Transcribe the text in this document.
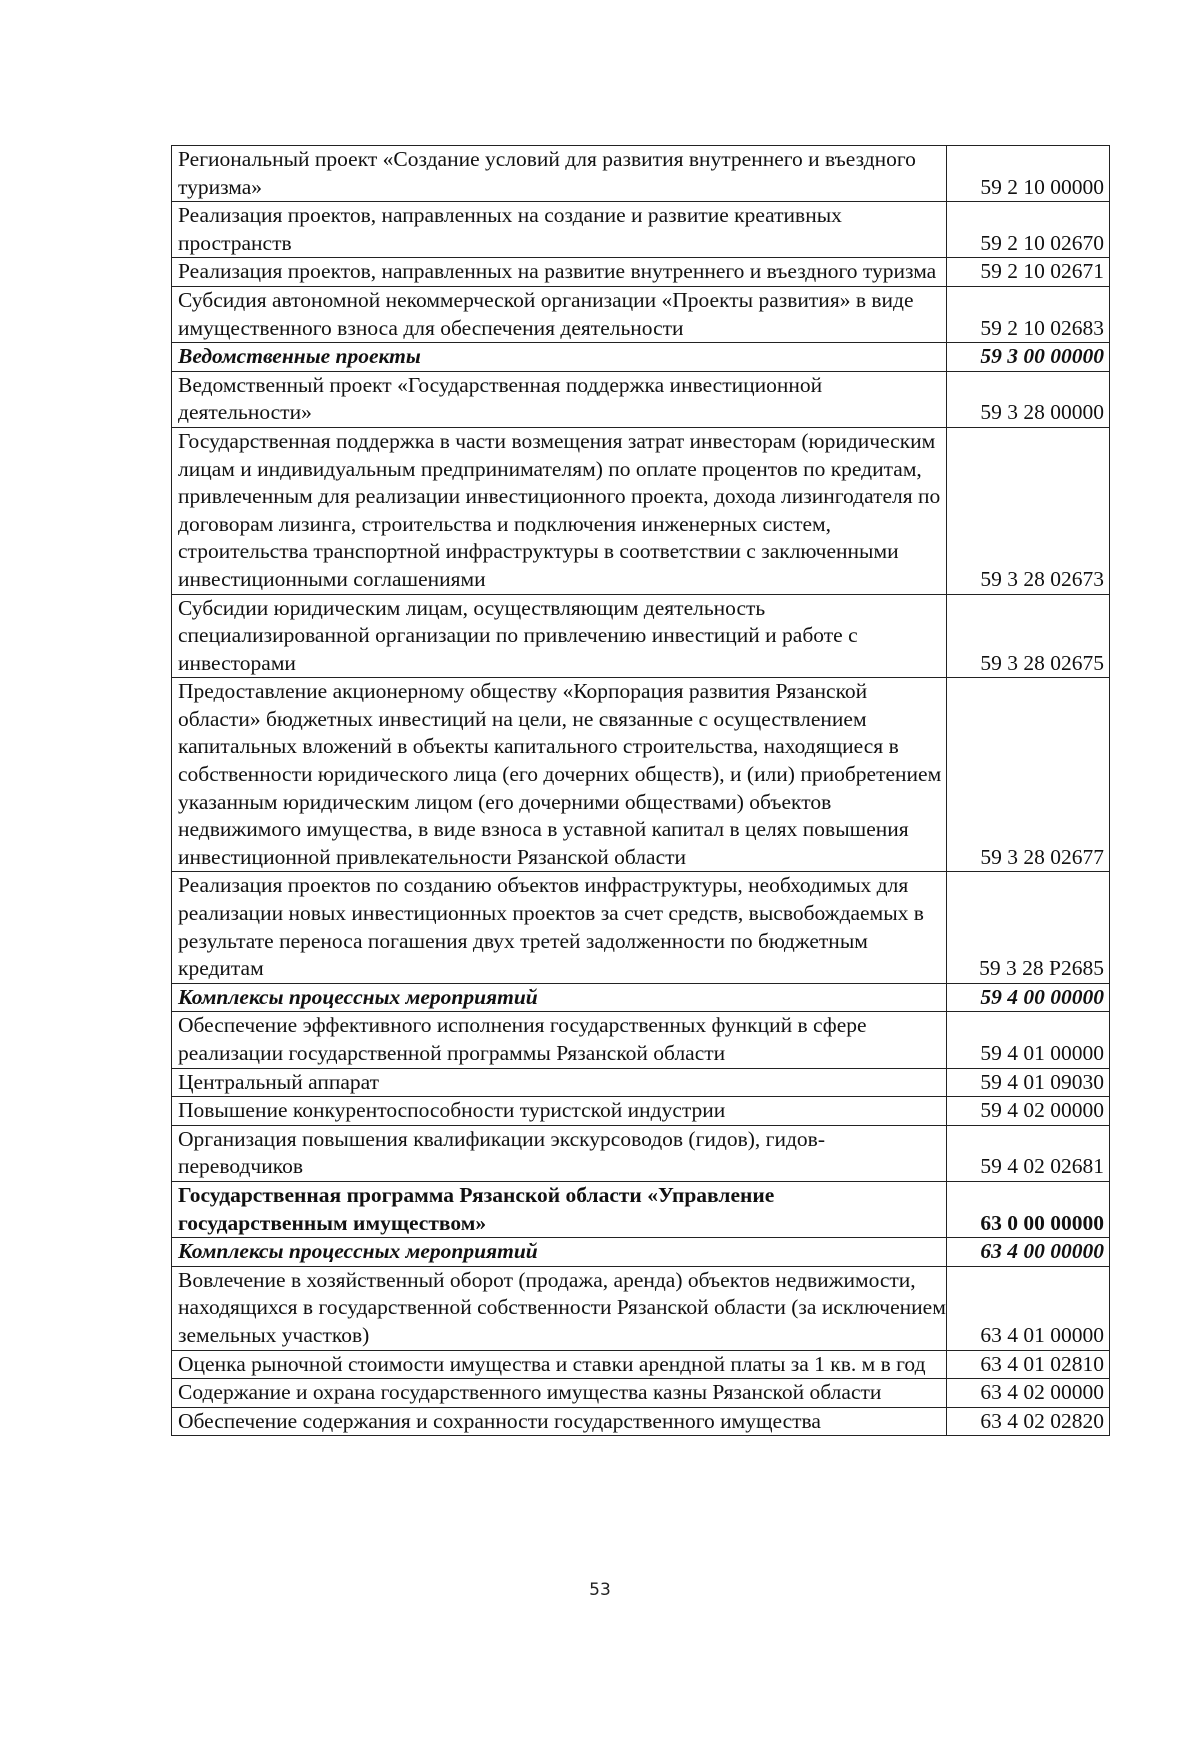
Региональный проект «Создание условий для развития внутреннего и въездного туризма»	59 2 10 00000
Реализация проектов, направленных на создание и развитие креативных пространств	59 2 10 02670
Реализация проектов, направленных на развитие внутреннего и въездного туризма	59 2 10 02671
Субсидия автономной некоммерческой организации «Проекты развития» в виде имущественного взноса для обеспечения деятельности	59 2 10 02683
Ведомственные проекты	59 3 00 00000
Ведомственный проект «Государственная поддержка инвестиционной деятельности»	59 3 28 00000
Государственная поддержка в части возмещения затрат инвесторам (юридическим лицам и индивидуальным предпринимателям) по оплате процентов по кредитам, привлеченным для реализации инвестиционного проекта, дохода лизингодателя по договорам лизинга, строительства и подключения инженерных систем, строительства транспортной инфраструктуры в соответствии с заключенными инвестиционными соглашениями	59 3 28 02673
Субсидии юридическим лицам, осуществляющим деятельность специализированной организации по привлечению инвестиций и работе с инвесторами	59 3 28 02675
Предоставление акционерному обществу «Корпорация развития Рязанской области» бюджетных инвестиций на цели, не связанные с осуществлением капитальных вложений в объекты капитального строительства, находящиеся в собственности юридического лица (его дочерних обществ), и (или) приобретением указанным юридическим лицом (его дочерними обществами) объектов недвижимого имущества, в виде взноса в уставной капитал в целях повышения инвестиционной привлекательности Рязанской области	59 3 28 02677
Реализация проектов по созданию объектов инфраструктуры, необходимых для реализации новых инвестиционных проектов за счет средств, высвобождаемых в результате переноса погашения двух третей задолженности по бюджетным кредитам	59 3 28 Р2685
Комплексы процессных мероприятий	59 4 00 00000
Обеспечение эффективного исполнения государственных функций в сфере реализации государственной программы Рязанской области	59 4 01 00000
Центральный аппарат	59 4 01 09030
Повышение конкурентоспособности туристской индустрии	59 4 02 00000
Организация повышения квалификации экскурсоводов (гидов), гидов-переводчиков	59 4 02 02681
Государственная программа Рязанской области «Управление государственным имуществом»	63 0 00 00000
Комплексы процессных мероприятий	63 4 00 00000
Вовлечение в хозяйственный оборот (продажа, аренда) объектов недвижимости, находящихся в государственной собственности Рязанской области (за исключением земельных участков)	63 4 01 00000
Оценка рыночной стоимости имущества и ставки арендной платы за 1 кв. м в год	63 4 01 02810
Содержание и охрана государственного имущества казны Рязанской области	63 4 02 00000
Обеспечение содержания и сохранности государственного имущества	63 4 02 02820
53
